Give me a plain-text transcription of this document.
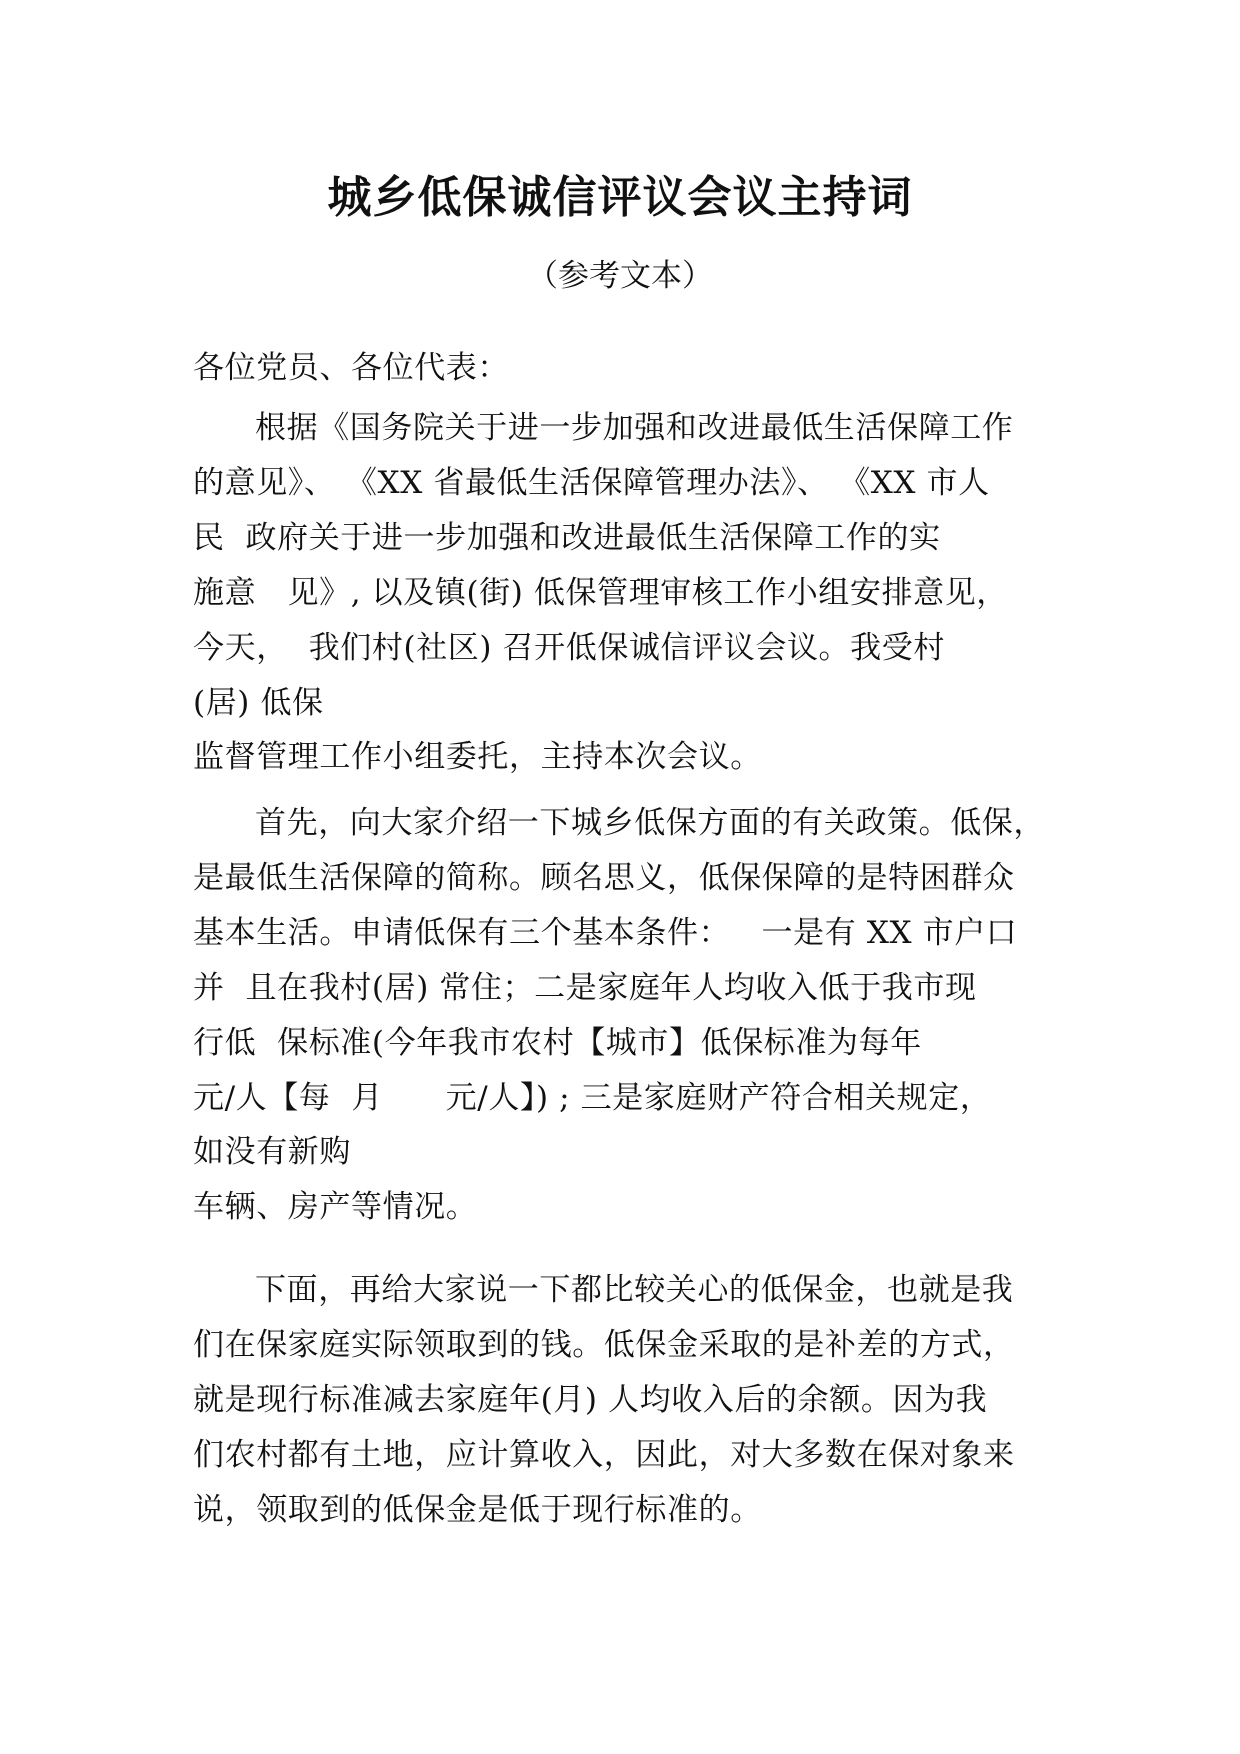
城乡低保诚信评议会议主持词
（参考文本）
各位党员、各位代表：
根据《国务院关于进一步加强和改进最低生活保障工作
的意见》、 《XX 省最低生活保障管理办法》、 《XX 市人
民  政府关于进一步加强和改进最低生活保障工作的实
施意   见》, 以及镇(街) 低保管理审核工作小组安排意见，
今天，  我们村(社区) 召开低保诚信评议会议。我受村
(居) 低保
监督管理工作小组委托，主持本次会议。
首先，向大家介绍一下城乡低保方面的有关政策。低保，
是最低生活保障的简称。顾名思义，低保保障的是特困群众
基本生活。申请低保有三个基本条件：   一是有 XX 市户口
并  且在我村(居) 常住；二是家庭年人均收入低于我市现
行低  保标准(今年我市农村【城市】低保标准为每年
元/人【每  月      元/人】) ; 三是家庭财产符合相关规定，
如没有新购
车辆、房产等情况。
下面，再给大家说一下都比较关心的低保金，也就是我
们在保家庭实际领取到的钱。低保金采取的是补差的方式，
就是现行标准减去家庭年(月) 人均收入后的余额。因为我
们农村都有土地，应计算收入，因此，对大多数在保对象来
说，领取到的低保金是低于现行标准的。
